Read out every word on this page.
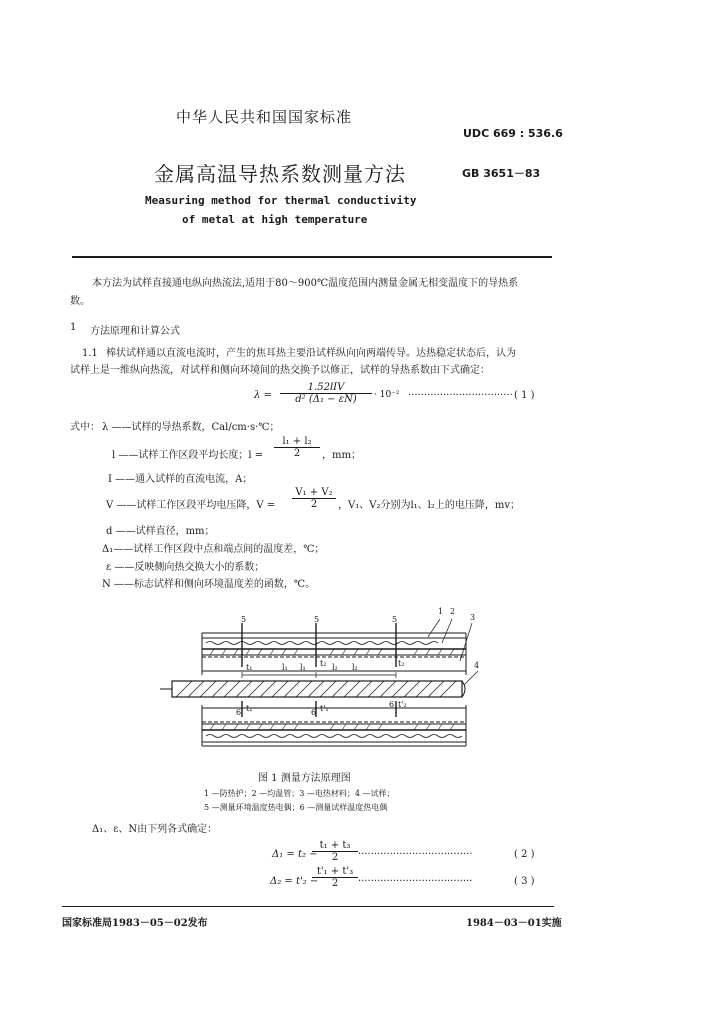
中华人民共和国国家标准
UDC 669 : 536.6
金属高温导热系数测量方法	GB 3651－83
Measuring method for thermal conductivity
of metal at high temperature
本方法为试样直接通电纵向热流法,适用于80～900℃温度范围内测量金属无相变温度下的导热系
数。
1 方法原理和计算公式
1.1 棒状试样通以直流电流时，产生的焦耳热主要沿试样纵向向两端传导。达热稳定状态后，认为
试样上是一维纵向热流，对试样和侧向环境间的热交换予以修正，试样的导热系数由下式确定：
λ =
1.52lIV
d² (Δ₁ − εN)	· 10⁻² ································· ( 1 )
式中： λ ——试样的导热系数，Cal/cm·s·℃；
l ——试样工作区段平均长度；$l = \frac{\text{l₁ + l₂}}{2}$ ，mm；
I ——通入试样的直流电流，A；
V ——试样工作区段平均电压降，$V = \frac{\text{V₁ + V₂}}{2}$ ，V₁、V₂分别为l₁、l₂上的电压降，mv；
d ——试样直径，mm；
Δ₁——试样工作区段中点和端点间的温度差，℃；
ε ——反映侧向热交换大小的系数；
N ——标志试样和侧向环境温度差的函数，℃。
1 2
3
4
5	5	5
6	6
6
l₁ l₁	l₂ l₂
t₁	t₂
t₁	t'₁
t₂
t'₂
图 1 测量方法原理图
1 —防热护；2 —均温管；3 —电热材料；4 —试样；
5 —测量环境温度热电偶；6 —测量试样温度热电偶
Δ₁、ε、N由下列各式确定：
Δ₁ = t₂ −
$\frac{\text{t₁ + t₃}}{2}$ ····································	( 2 )
Δ₂ = t'₂ −
$\frac{\text{t'₁ + t'₃}}{2}$ ····································	( 3 )
国家标准局1983－05－02发布	1984－03－01实施
